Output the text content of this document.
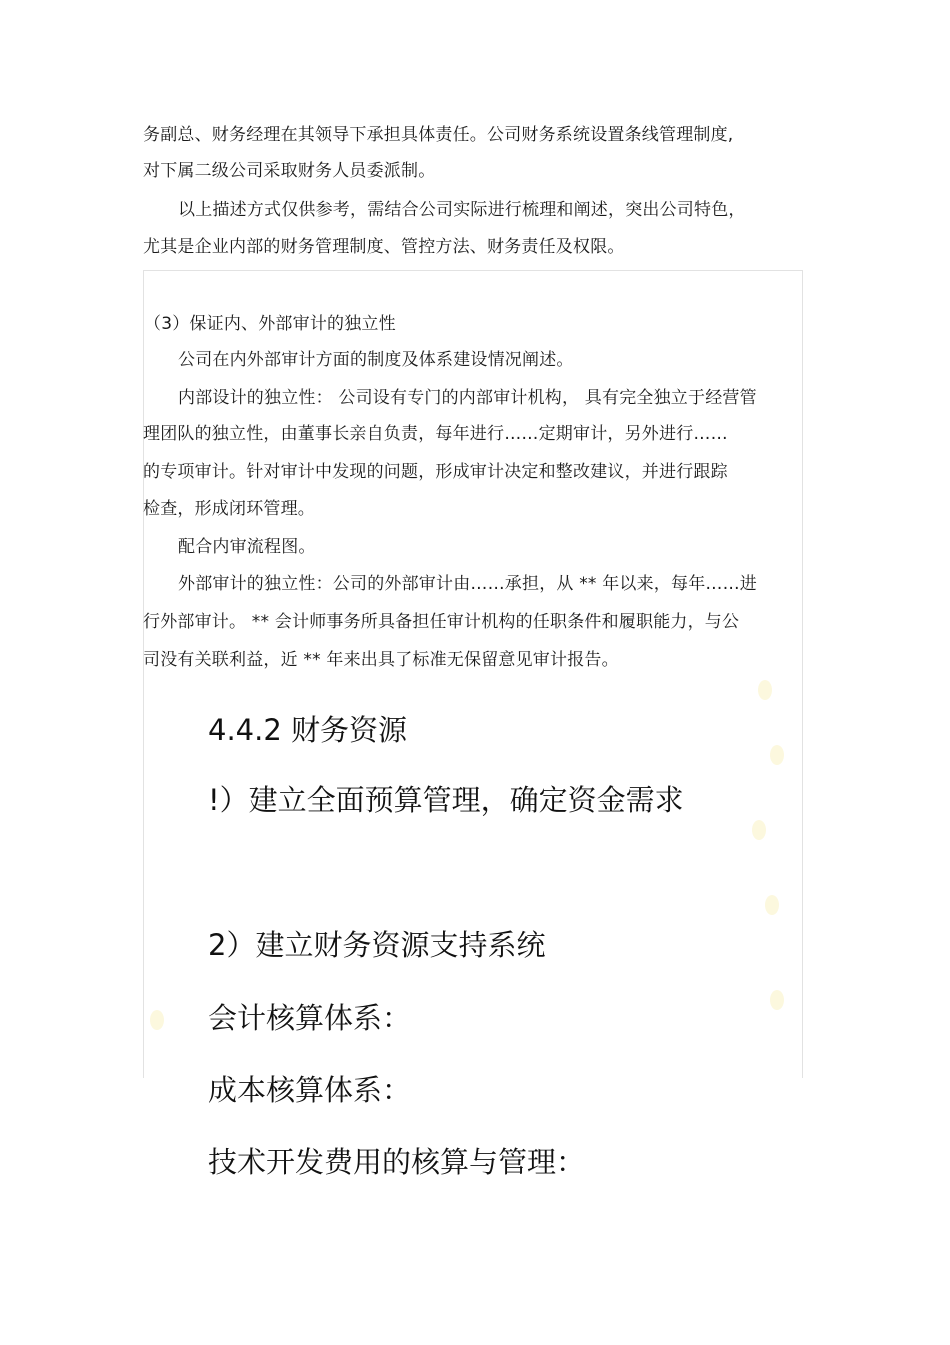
务副总、财务经理在其领导下承担具体责任。公司财务系统设置条线管理制度,
对下属二级公司采取财务人员委派制。
以上描述方式仅供参考，需结合公司实际进行梳理和阐述，突出公司特色，
尤其是企业内部的财务管理制度、管控方法、财务责任及权限。
（3）保证内、外部审计的独立性
公司在内外部审计方面的制度及体系建设情况阐述。
内部设计的独立性： 公司设有专门的内部审计机构， 具有完全独立于经营管
理团队的独立性，由董事长亲自负责，每年进行……定期审计，另外进行……
的专项审计。针对审计中发现的问题，形成审计决定和整改建议，并进行跟踪
检查，形成闭环管理。
配合内审流程图。
外部审计的独立性：公司的外部审计由……承担，从 ** 年以来，每年……进
行外部审计。 ** 会计师事务所具备担任审计机构的任职条件和履职能力，与公
司没有关联利益，近 ** 年来出具了标准无保留意见审计报告。
4.4.2 财务资源
!）建立全面预算管理，确定资金需求
2）建立财务资源支持系统
会计核算体系：
成本核算体系：
技术开发费用的核算与管理：
